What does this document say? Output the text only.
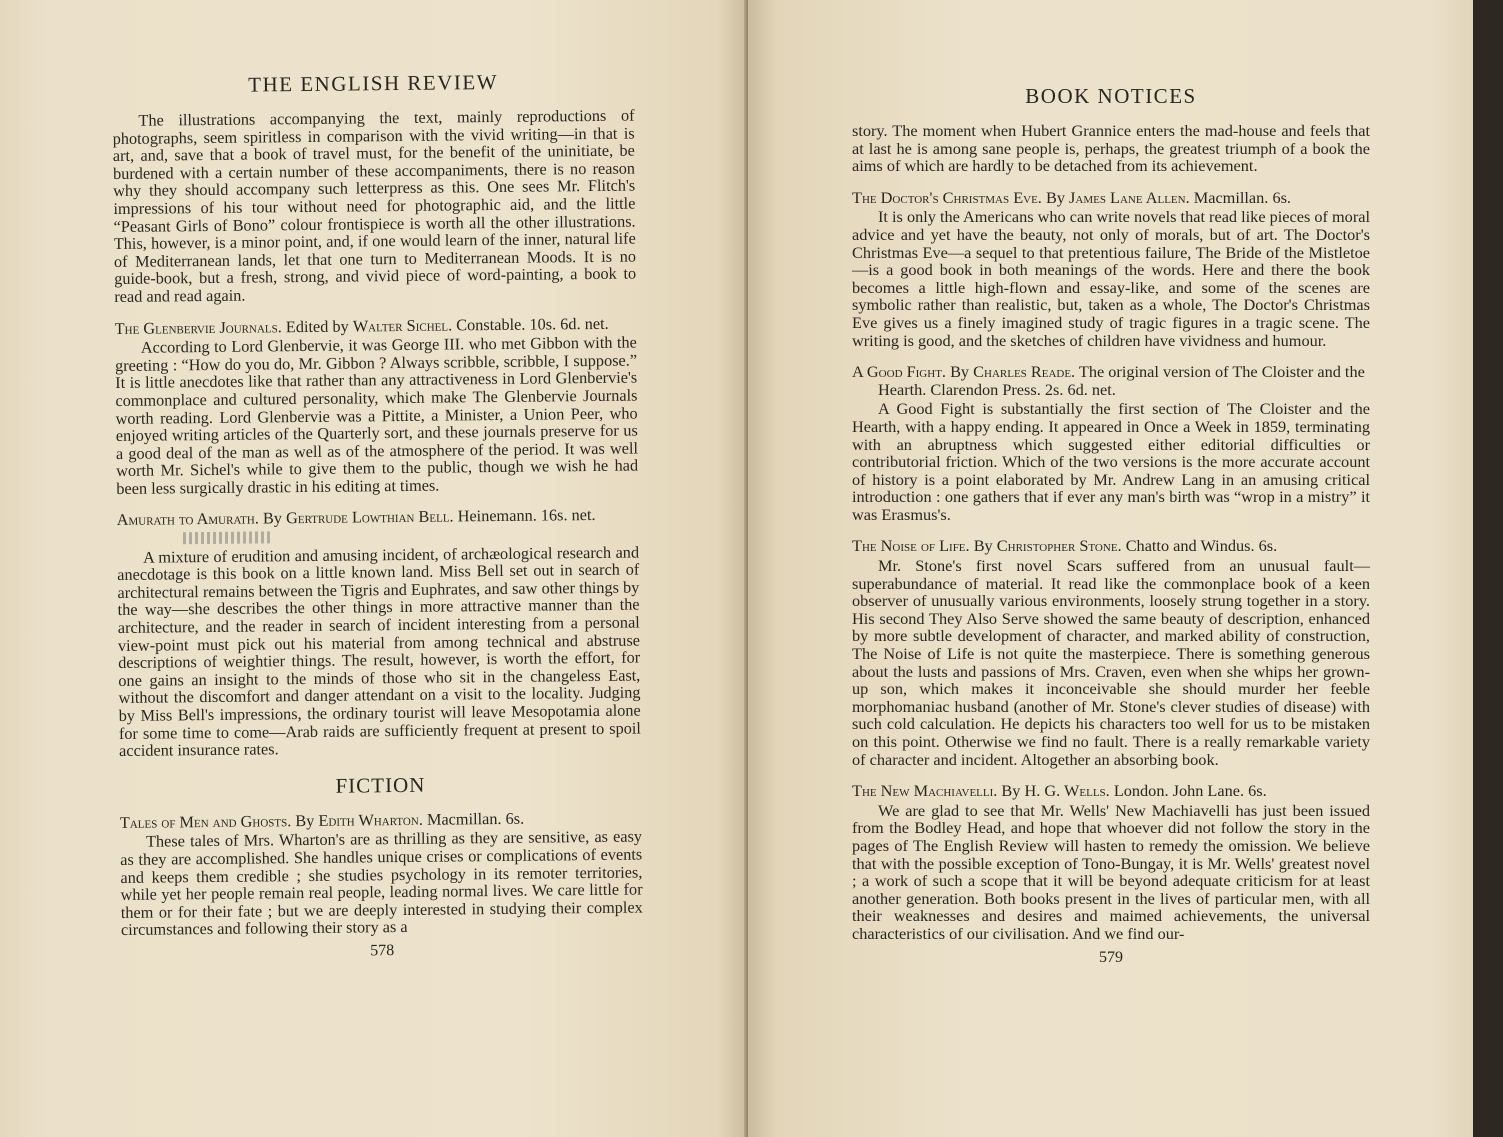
THE ENGLISH REVIEW

The illustrations accompanying the text, mainly reproductions of photographs, seem spiritless in comparison with the vivid writing—in that is art, and, save that a book of travel must, for the benefit of the uninitiate, be burdened with a certain number of these accompaniments, there is no reason why they should accompany such letterpress as this. One sees Mr. Flitch's impressions of his tour without need for photographic aid, and the little “Peasant Girls of Bono” colour frontispiece is worth all the other illustrations. This, however, is a minor point, and, if one would learn of the inner, natural life of Mediterranean lands, let that one turn to Mediterranean Moods. It is no guide-book, but a fresh, strong, and vivid piece of word-painting, a book to read and read again.

The Glenbervie Journals. Edited by Walter Sichel. Constable. 10s. 6d. net.

According to Lord Glenbervie, it was George III. who met Gibbon with the greeting : “How do you do, Mr. Gibbon ? Always scribble, scribble, I suppose.” It is little anecdotes like that rather than any attractiveness in Lord Glenbervie's commonplace and cultured personality, which make The Glenbervie Journals worth reading. Lord Glenbervie was a Pittite, a Minister, a Union Peer, who enjoyed writing articles of the Quarterly sort, and these journals preserve for us a good deal of the man as well as of the atmosphere of the period. It was well worth Mr. Sichel's while to give them to the public, though we wish he had been less surgically drastic in his editing at times.

Amurath to Amurath. By Gertrude Lowthian Bell. Heinemann. 16s. net.

A mixture of erudition and amusing incident, of archæological research and anecdotage is this book on a little known land. Miss Bell set out in search of architectural remains between the Tigris and Euphrates, and saw other things by the way—she describes the other things in more attractive manner than the architecture, and the reader in search of incident interesting from a personal view-point must pick out his material from among technical and abstruse descriptions of weightier things. The result, however, is worth the effort, for one gains an insight to the minds of those who sit in the changeless East, without the discomfort and danger attendant on a visit to the locality. Judging by Miss Bell's impressions, the ordinary tourist will leave Mesopotamia alone for some time to come—Arab raids are sufficiently frequent at present to spoil accident insurance rates.

FICTION
Tales of Men and Ghosts. By Edith Wharton. Macmillan. 6s.

These tales of Mrs. Wharton's are as thrilling as they are sensitive, as easy as they are accomplished. She handles unique crises or complications of events and keeps them credible ; she studies psychology in its remoter territories, while yet her people remain real people, leading normal lives. We care little for them or for their fate ; but we are deeply interested in studying their complex circumstances and following their story as a

578
BOOK NOTICES

story. The moment when Hubert Grannice enters the mad-house and feels that at last he is among sane people is, perhaps, the greatest triumph of a book the aims of which are hardly to be detached from its achievement.

The Doctor's Christmas Eve. By James Lane Allen. Macmillan. 6s.

It is only the Americans who can write novels that read like pieces of moral advice and yet have the beauty, not only of morals, but of art. The Doctor's Christmas Eve—a sequel to that pretentious failure, The Bride of the Mistletoe—is a good book in both meanings of the words. Here and there the book becomes a little high-flown and essay-like, and some of the scenes are symbolic rather than realistic, but, taken as a whole, The Doctor's Christmas Eve gives us a finely imagined study of tragic figures in a tragic scene. The writing is good, and the sketches of children have vividness and humour.

A Good Fight. By Charles Reade. The original version of The Cloister and the Hearth. Clarendon Press. 2s. 6d. net.

A Good Fight is substantially the first section of The Cloister and the Hearth, with a happy ending. It appeared in Once a Week in 1859, terminating with an abruptness which suggested either editorial difficulties or contributorial friction. Which of the two versions is the more accurate account of history is a point elaborated by Mr. Andrew Lang in an amusing critical introduction : one gathers that if ever any man's birth was “wrop in a mistry” it was Erasmus's.

The Noise of Life. By Christopher Stone. Chatto and Windus. 6s.

Mr. Stone's first novel Scars suffered from an unusual fault—superabundance of material. It read like the commonplace book of a keen observer of unusually various environments, loosely strung together in a story. His second They Also Serve showed the same beauty of description, enhanced by more subtle development of character, and marked ability of construction, The Noise of Life is not quite the masterpiece. There is something generous about the lusts and passions of Mrs. Craven, even when she whips her grown-up son, which makes it inconceivable she should murder her feeble morphomaniac husband (another of Mr. Stone's clever studies of disease) with such cold calculation. He depicts his characters too well for us to be mistaken on this point. Otherwise we find no fault. There is a really remarkable variety of character and incident. Altogether an absorbing book.

The New Machiavelli. By H. G. Wells. London. John Lane. 6s.

We are glad to see that Mr. Wells' New Machiavelli has just been issued from the Bodley Head, and hope that whoever did not follow the story in the pages of The English Review will hasten to remedy the omission. We believe that with the possible exception of Tono-Bungay, it is Mr. Wells' greatest novel ; a work of such a scope that it will be beyond adequate criticism for at least another generation. Both books present in the lives of particular men, with all their weaknesses and desires and maimed achievements, the universal characteristics of our civilisation. And we find our-

579
